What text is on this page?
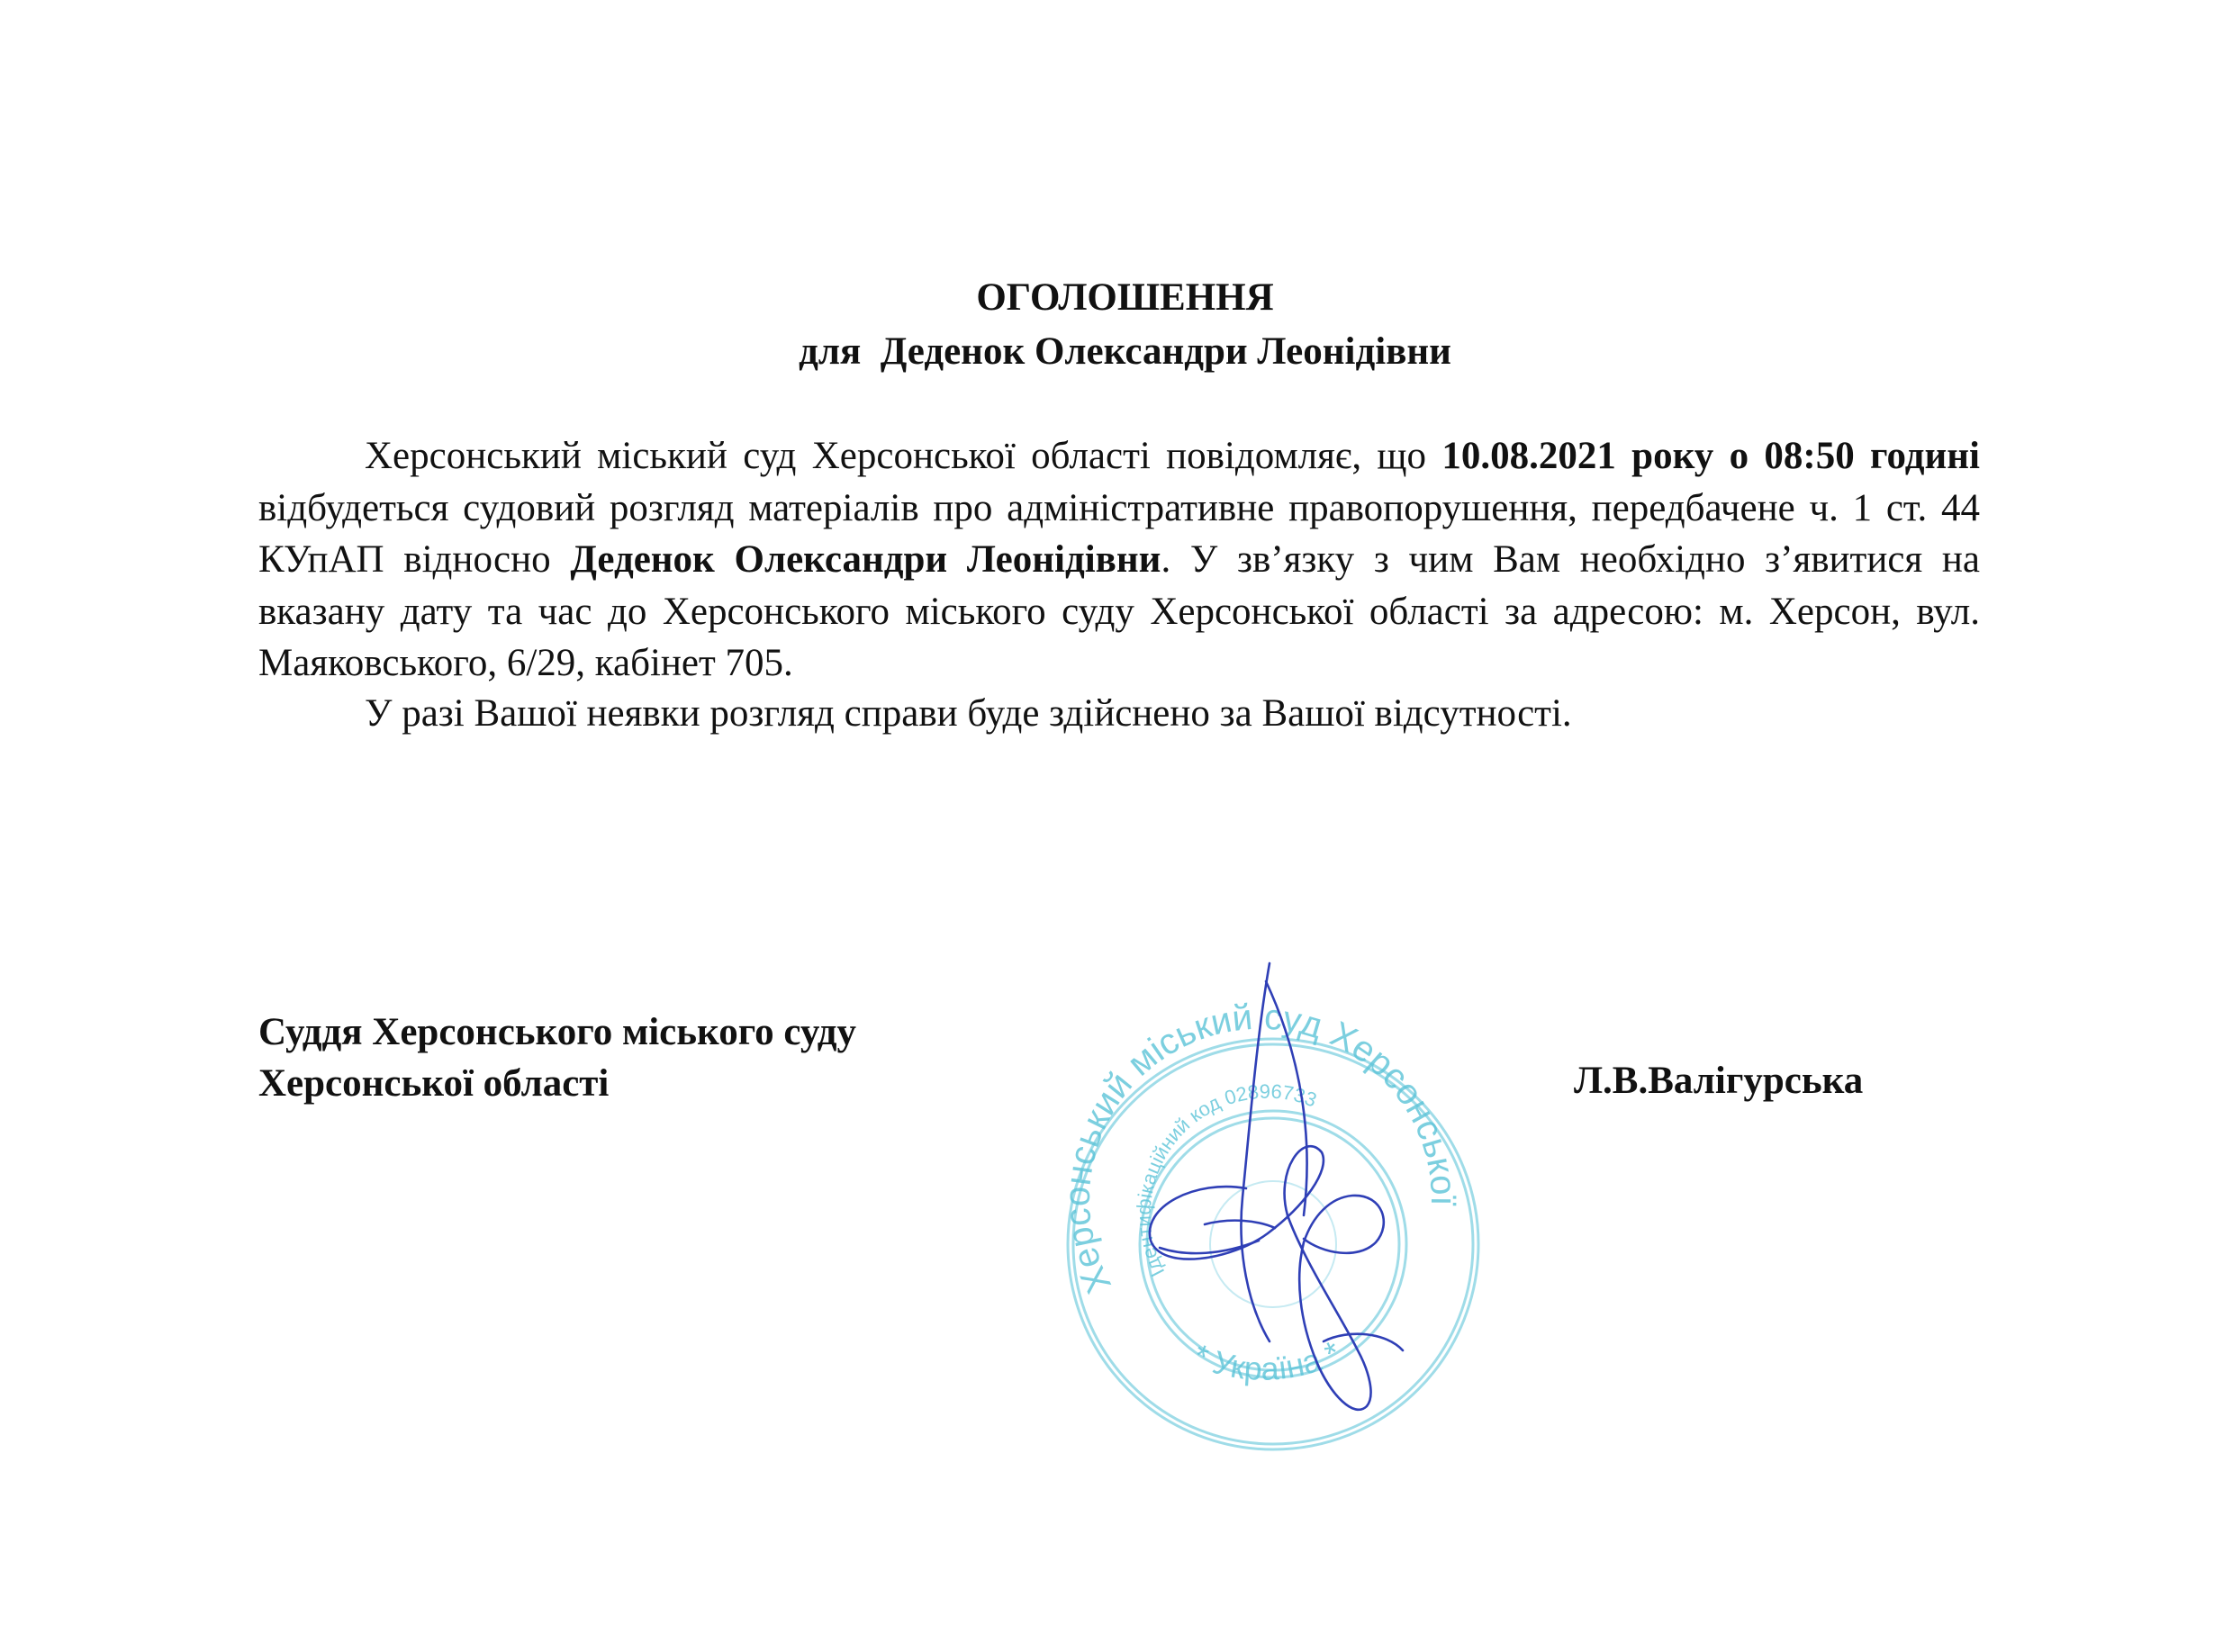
ОГОЛОШЕННЯ
для  Деденок Олександри Леонідівни
Херсонський міський суд Херсонської області повідомляє, що 10.08.2021 року о 08:50 годині відбудеться судовий розгляд матеріалів про адміністративне правопорушення, передбачене ч. 1 ст. 44 КУпАП відносно Деденок Олександри Леонідівни. У зв’язку з чим Вам необхідно з’явитися на вказану дату та час до Херсонського міського суду Херсонської області за адресою: м. Херсон, вул. Маяковського, 6/29, кабінет 705.
У разі Вашої неявки розгляд справи буде здійснено за Вашої відсутності.
Суддя Херсонського міського суду
Херсонської області	Л.В.Валігурська
Херсонський міський суд Херсонської
Ідентифікаційний код 02896733
* Україна *
